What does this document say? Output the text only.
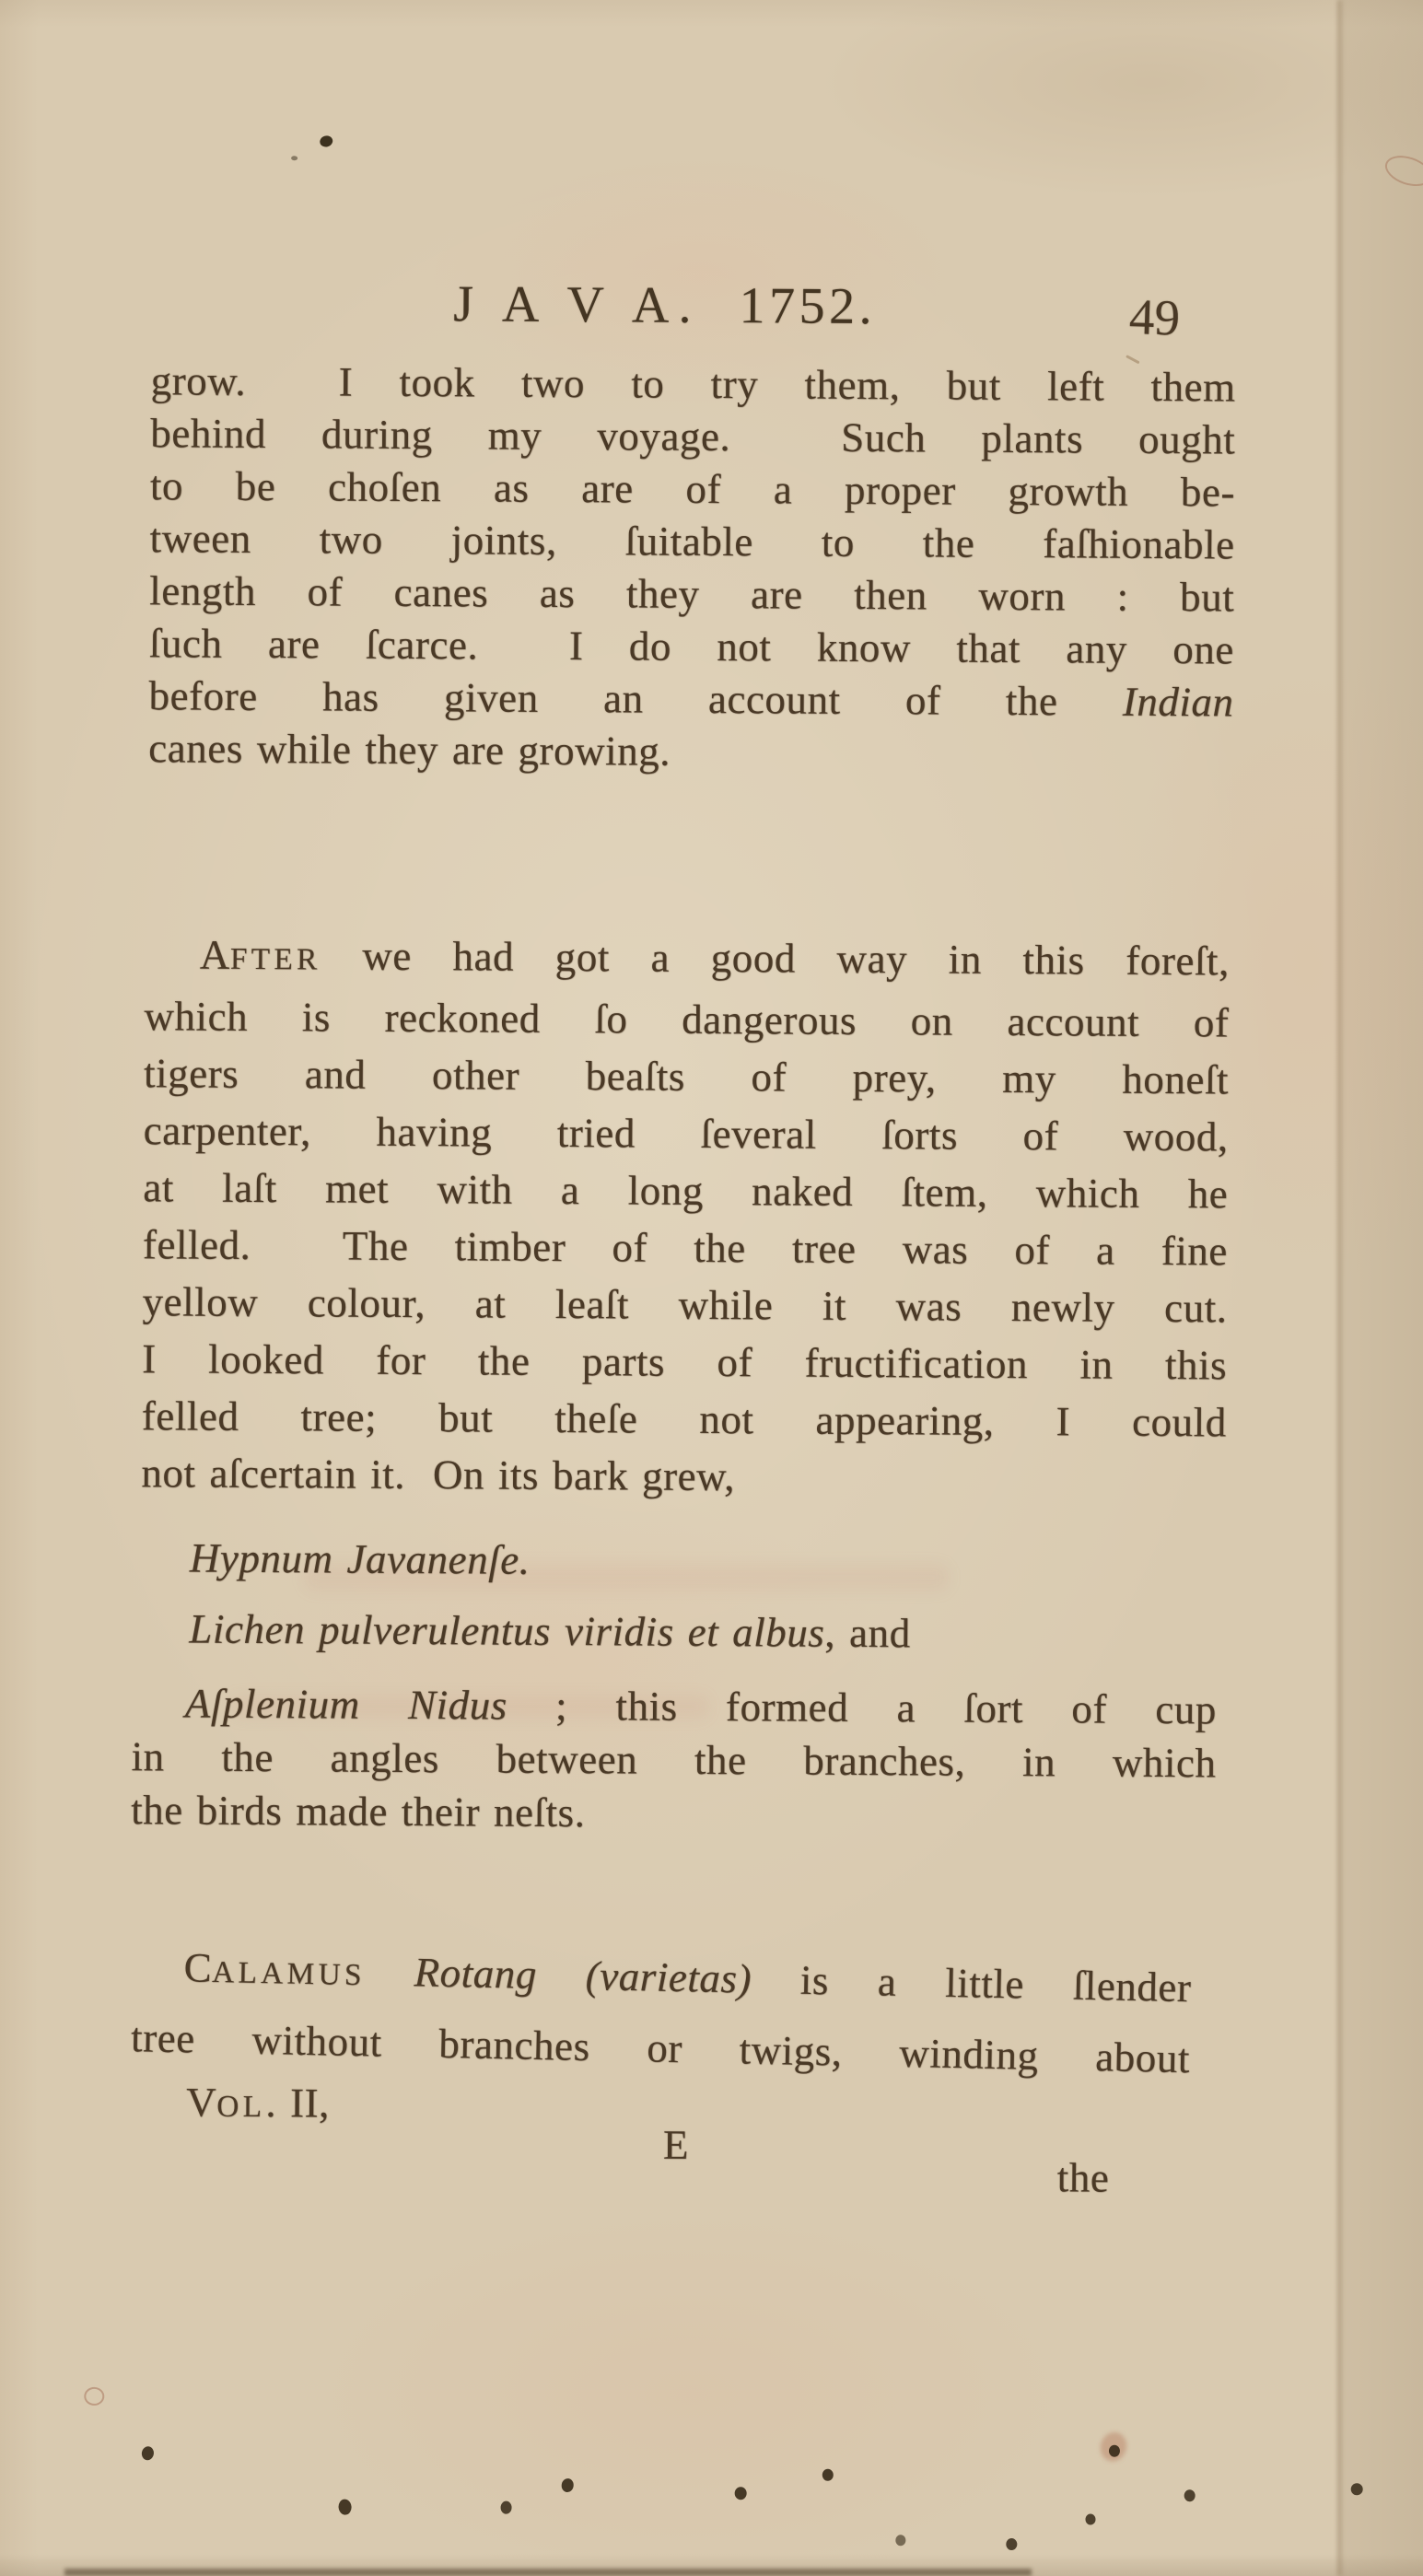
J A V A. 1752.	49
grow.  I took two to try them, but left them
behind during my voyage.  Such plants ought
to be choſen as are of a proper growth be-
tween two joints, ſuitable to the faſhionable
length of canes as they are then worn : but
ſuch are ſcarce.  I do not know that any one
before has given an account of the Indian
canes while they are growing.
AFTER we had got a good way in this foreſt,
which is reckoned ſo dangerous on account of
tigers and other beaſts of prey, my honeſt
carpenter, having tried ſeveral ſorts of wood,
at laſt met with a long naked ſtem, which he
felled.  The timber of the tree was of a fine
yellow colour, at leaſt while it was newly cut.
I looked for the parts of fructification in this
felled tree; but theſe not appearing, I could
not aſcertain it.  On its bark grew,
Hypnum Javanenſe.
Lichen pulverulentus viridis et albus, and
Aſplenium Nidus ; this formed a ſort of cup
in the angles between the branches, in which
the birds made their neſts.
CALAMUS Rotang (varietas) is a little ſlender
tree without branches or twigs, winding about
VOL. II,
E
the
